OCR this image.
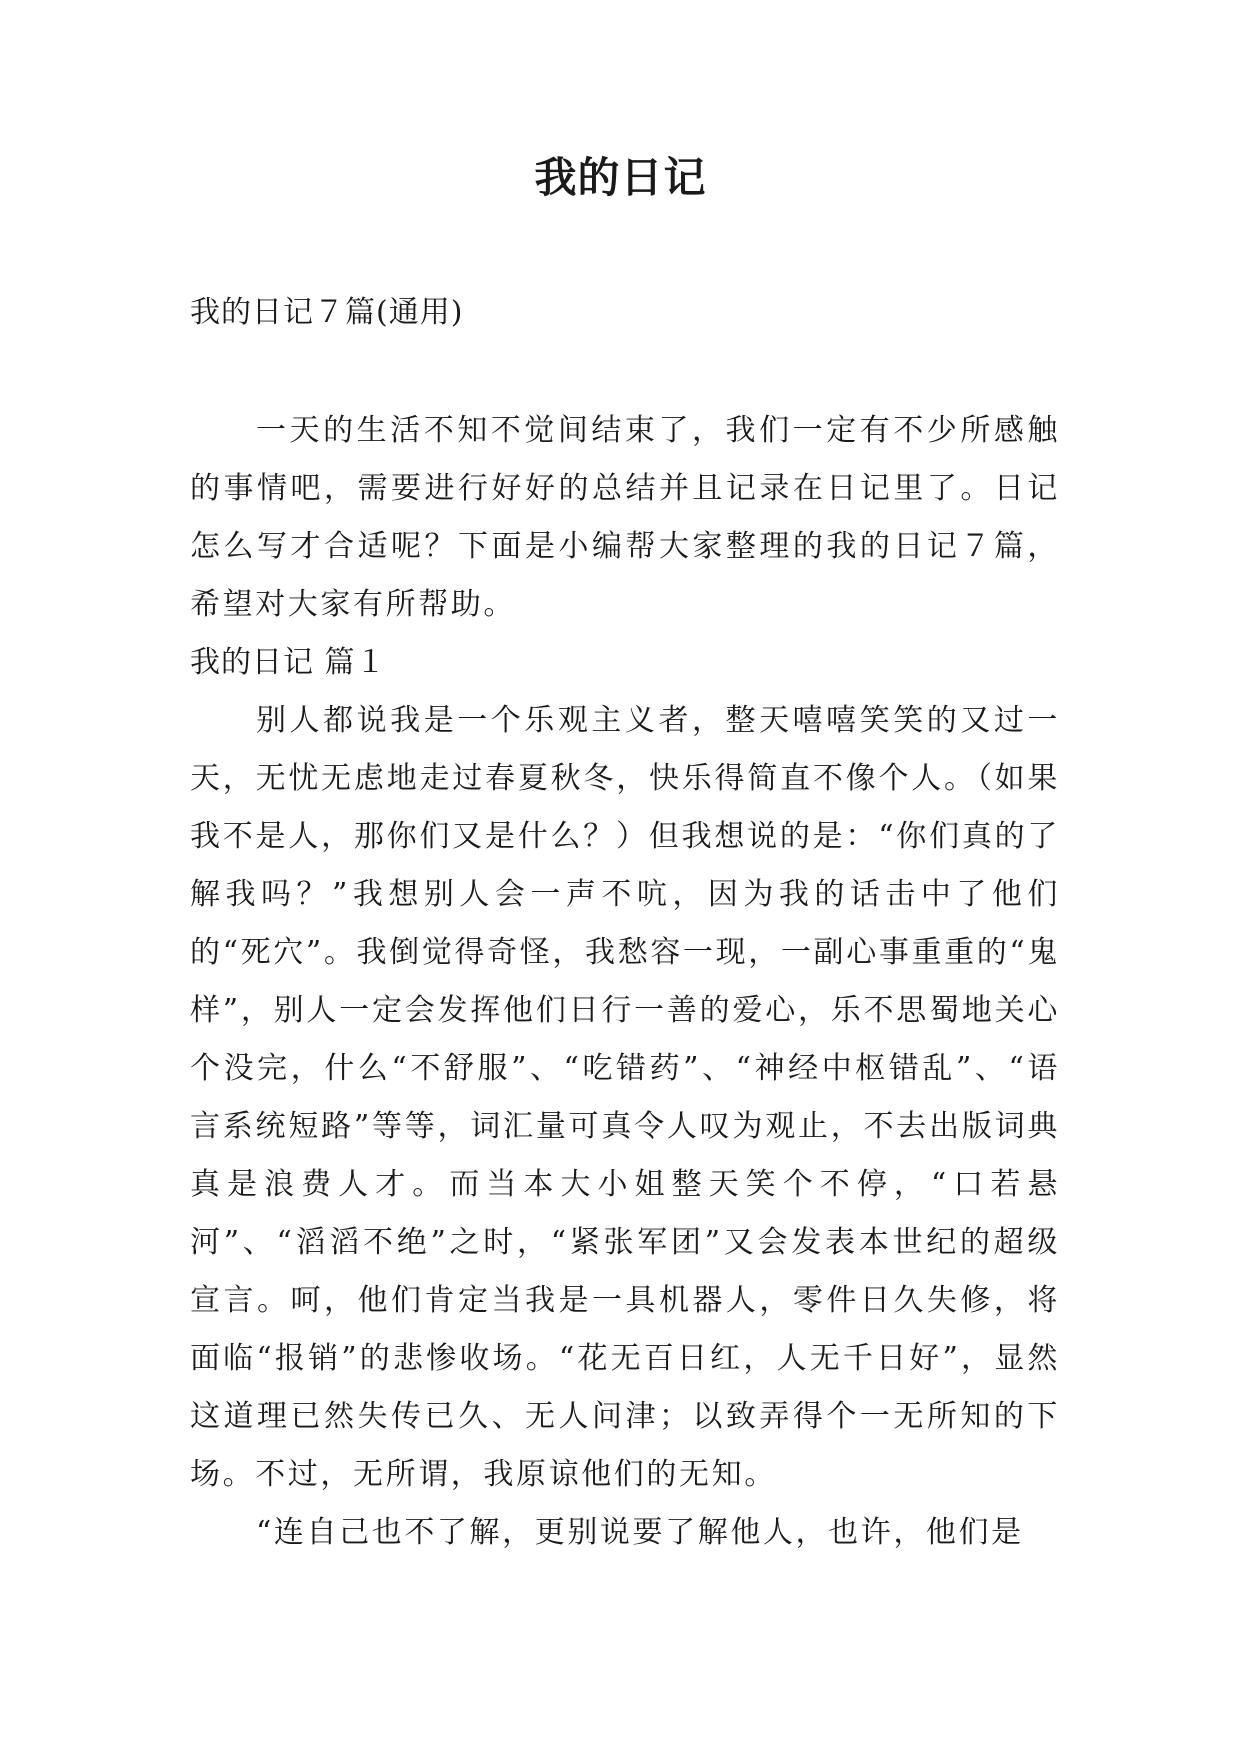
我的日记

我的日记７篇(通用)

一天的生活不知不觉间结束了，我们一定有不少所感触的事情吧，需要进行好好的总结并且记录在日记里了。日记怎么写才合适呢？下面是小编帮大家整理的我的日记７篇，希望对大家有所帮助。

我的日记 篇１

别人都说我是一个乐观主义者，整天嘻嘻笑笑的又过一天，无忧无虑地走过春夏秋冬，快乐得简直不像个人。（如果我不是人，那你们又是什么？）但我想说的是：“你们真的了解我吗？”我想别人会一声不吭，因为我的话击中了他们的“死穴”。我倒觉得奇怪，我愁容一现，一副心事重重的“鬼样”，别人一定会发挥他们日行一善的爱心，乐不思蜀地关心个没完，什么“不舒服”、“吃错药”、“神经中枢错乱”、“语言系统短路”等等，词汇量可真令人叹为观止，不去出版词典真是浪费人才。而当本大小姐整天笑个不停，“口若悬河”、“滔滔不绝”之时，“紧张军团”又会发表本世纪的超级宣言。呵，他们肯定当我是一具机器人，零件日久失修，将面临“报销”的悲惨收场。“花无百日红，人无千日好”，显然这道理已然失传已久、无人问津；以致弄得个一无所知的下场。不过，无所谓，我原谅他们的无知。

“连自己也不了解，更别说要了解他人，也许，他们是
